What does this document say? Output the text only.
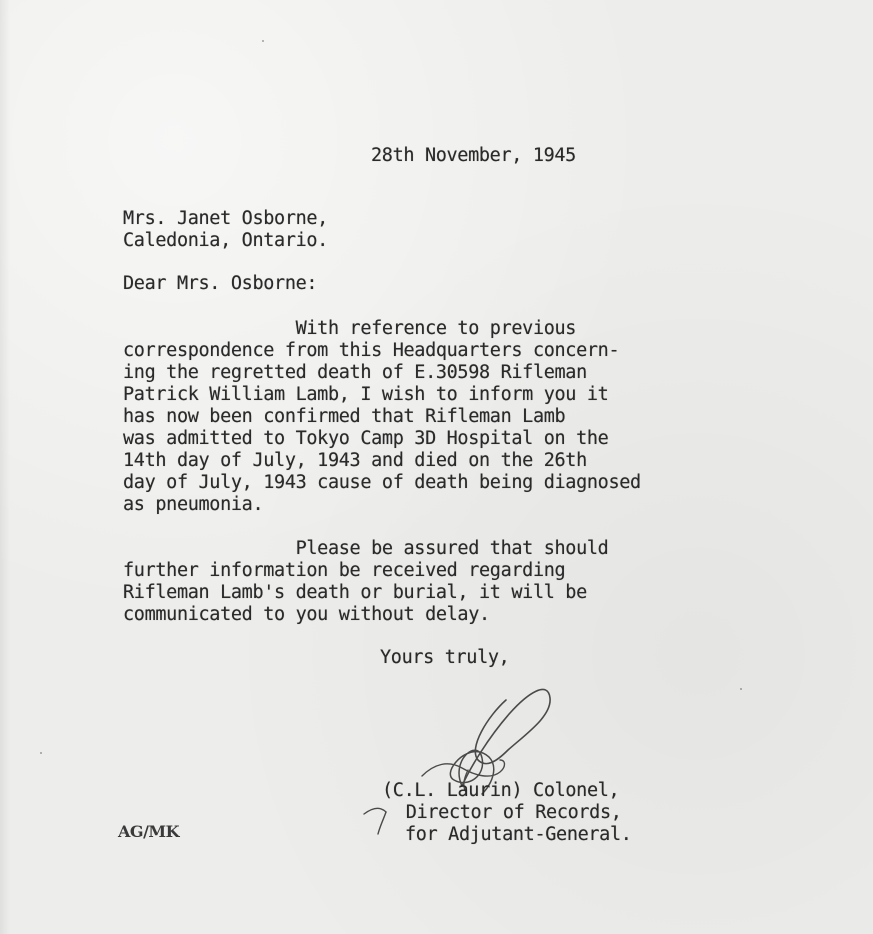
28th November, 1945
Mrs. Janet Osborne,
Caledonia, Ontario.
Dear Mrs. Osborne:
With reference to previous
correspondence from this Headquarters concern-
ing the regretted death of E.30598 Rifleman
Patrick William Lamb, I wish to inform you it
has now been confirmed that Rifleman Lamb
was admitted to Tokyo Camp 3D Hospital on the
14th day of July, 1943 and died on the 26th
day of July, 1943 cause of death being diagnosed
as pneumonia.
Please be assured that should
further information be received regarding
Rifleman Lamb's death or burial, it will be
communicated to you without delay.
Yours truly,
(C.L. Laurin) Colonel,
Director of Records,
for Adjutant-General.
AG/MK
